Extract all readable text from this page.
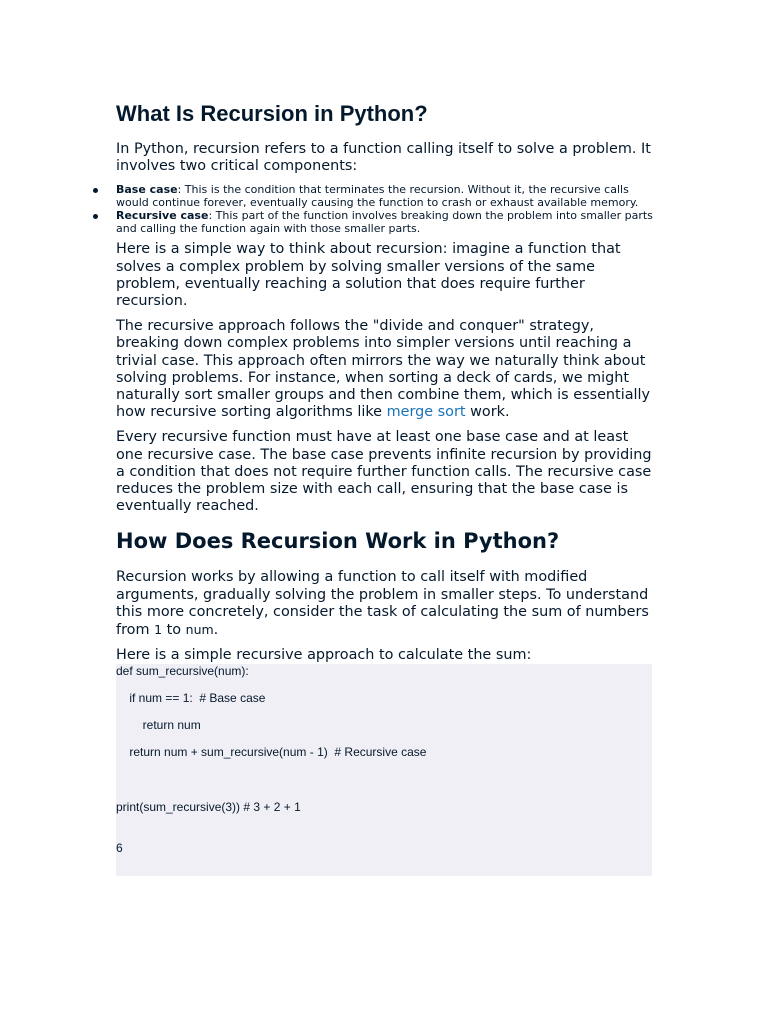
What Is Recursion in Python?

In Python, recursion refers to a function calling itself to solve a problem. It involves two critical components:

Base case: This is the condition that terminates the recursion. Without it, the recursive calls would continue forever, eventually causing the function to crash or exhaust available memory.
Recursive case: This part of the function involves breaking down the problem into smaller parts and calling the function again with those smaller parts.

Here is a simple way to think about recursion: imagine a function that solves a complex problem by solving smaller versions of the same problem, eventually reaching a solution that does require further recursion.

The recursive approach follows the "divide and conquer" strategy, breaking down complex problems into simpler versions until reaching a trivial case. This approach often mirrors the way we naturally think about solving problems. For instance, when sorting a deck of cards, we might naturally sort smaller groups and then combine them, which is essentially how recursive sorting algorithms like merge sort work.

Every recursive function must have at least one base case and at least one recursive case. The base case prevents infinite recursion by providing a condition that does not require further function calls. The recursive case reduces the problem size with each call, ensuring that the base case is eventually reached.

How Does Recursion Work in Python?

Recursion works by allowing a function to call itself with modified arguments, gradually solving the problem in smaller steps. To understand this more concretely, consider the task of calculating the sum of numbers from 1 to num.

Here is a simple recursive approach to calculate the sum:

def sum_recursive(num):
if num == 1:  # Base case
return num
return num + sum_recursive(num - 1)  # Recursive case
print(sum_recursive(3)) # 3 + 2 + 1
6
